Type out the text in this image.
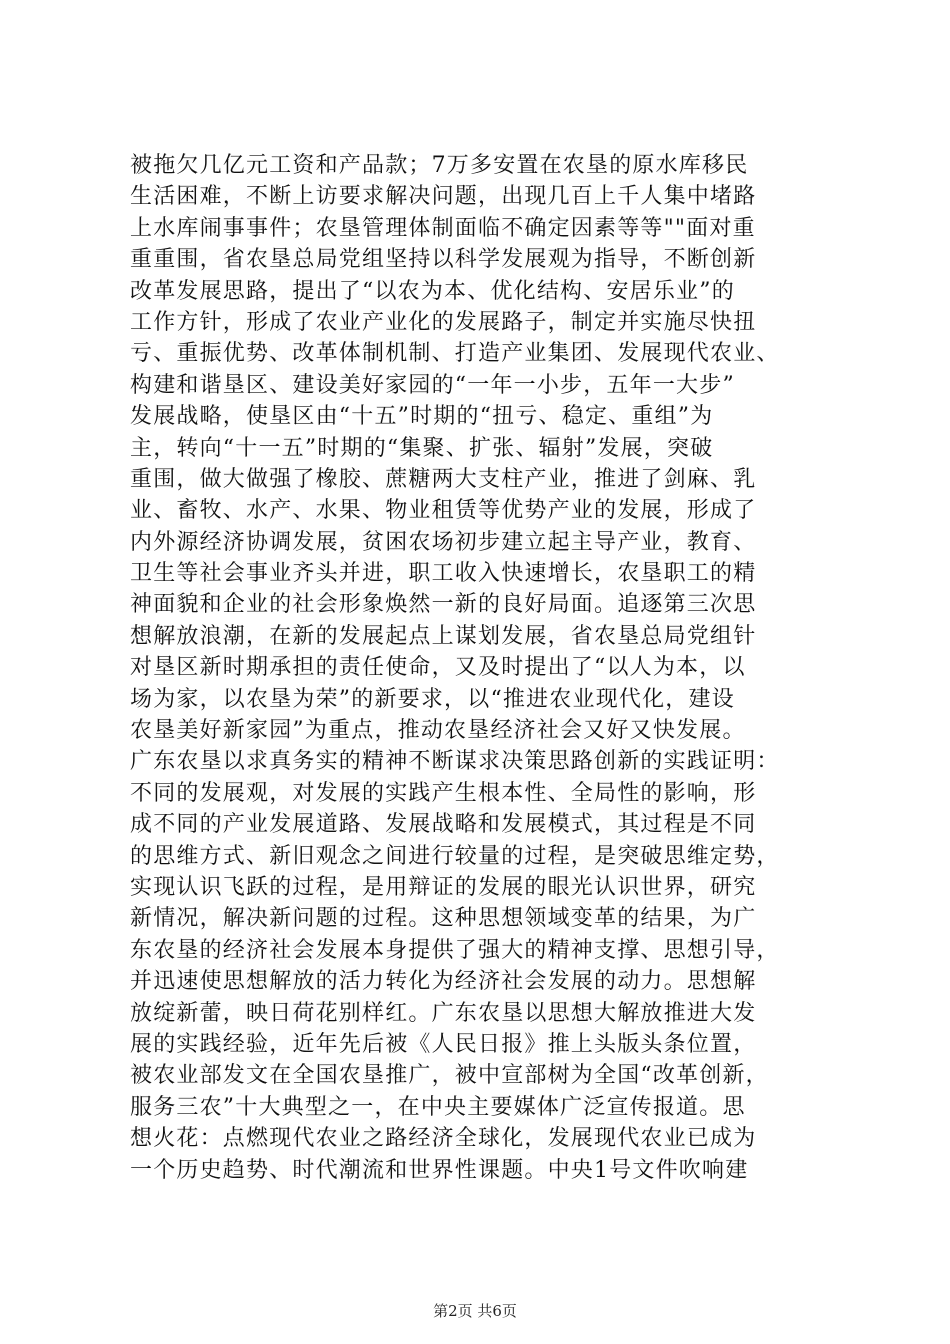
被拖欠几亿元工资和产品款；7万多安置在农垦的原水库移民
生活困难，不断上访要求解决问题，出现几百上千人集中堵路
上水库闹事事件；农垦管理体制面临不确定因素等等""面对重
重重围，省农垦总局党组坚持以科学发展观为指导，不断创新
改革发展思路，提出了“以农为本、优化结构、安居乐业”的
工作方针，形成了农业产业化的发展路子，制定并实施尽快扭
亏、重振优势、改革体制机制、打造产业集团、发展现代农业、
构建和谐垦区、建设美好家园的“一年一小步，五年一大步”
发展战略，使垦区由“十五”时期的“扭亏、稳定、重组”为
主，转向“十一五”时期的“集聚、扩张、辐射”发展，突破
重围，做大做强了橡胶、蔗糖两大支柱产业，推进了剑麻、乳
业、畜牧、水产、水果、物业租赁等优势产业的发展，形成了
内外源经济协调发展，贫困农场初步建立起主导产业，教育、
卫生等社会事业齐头并进，职工收入快速增长，农垦职工的精
神面貌和企业的社会形象焕然一新的良好局面。追逐第三次思
想解放浪潮，在新的发展起点上谋划发展，省农垦总局党组针
对垦区新时期承担的责任使命，又及时提出了“以人为本，以
场为家，以农垦为荣”的新要求，以“推进农业现代化，建设
农垦美好新家园”为重点，推动农垦经济社会又好又快发展。
广东农垦以求真务实的精神不断谋求决策思路创新的实践证明：
不同的发展观，对发展的实践产生根本性、全局性的影响，形
成不同的产业发展道路、发展战略和发展模式，其过程是不同
的思维方式、新旧观念之间进行较量的过程，是突破思维定势，
实现认识飞跃的过程，是用辩证的发展的眼光认识世界，研究
新情况，解决新问题的过程。这种思想领域变革的结果，为广
东农垦的经济社会发展本身提供了强大的精神支撑、思想引导，
并迅速使思想解放的活力转化为经济社会发展的动力。思想解
放绽新蕾，映日荷花别样红。广东农垦以思想大解放推进大发
展的实践经验，近年先后被《人民日报》推上头版头条位置，
被农业部发文在全国农垦推广，被中宣部树为全国“改革创新，
服务三农”十大典型之一，在中央主要媒体广泛宣传报道。思
想火花：点燃现代农业之路经济全球化，发展现代农业已成为
一个历史趋势、时代潮流和世界性课题。中央1号文件吹响建
第2页 共6页
